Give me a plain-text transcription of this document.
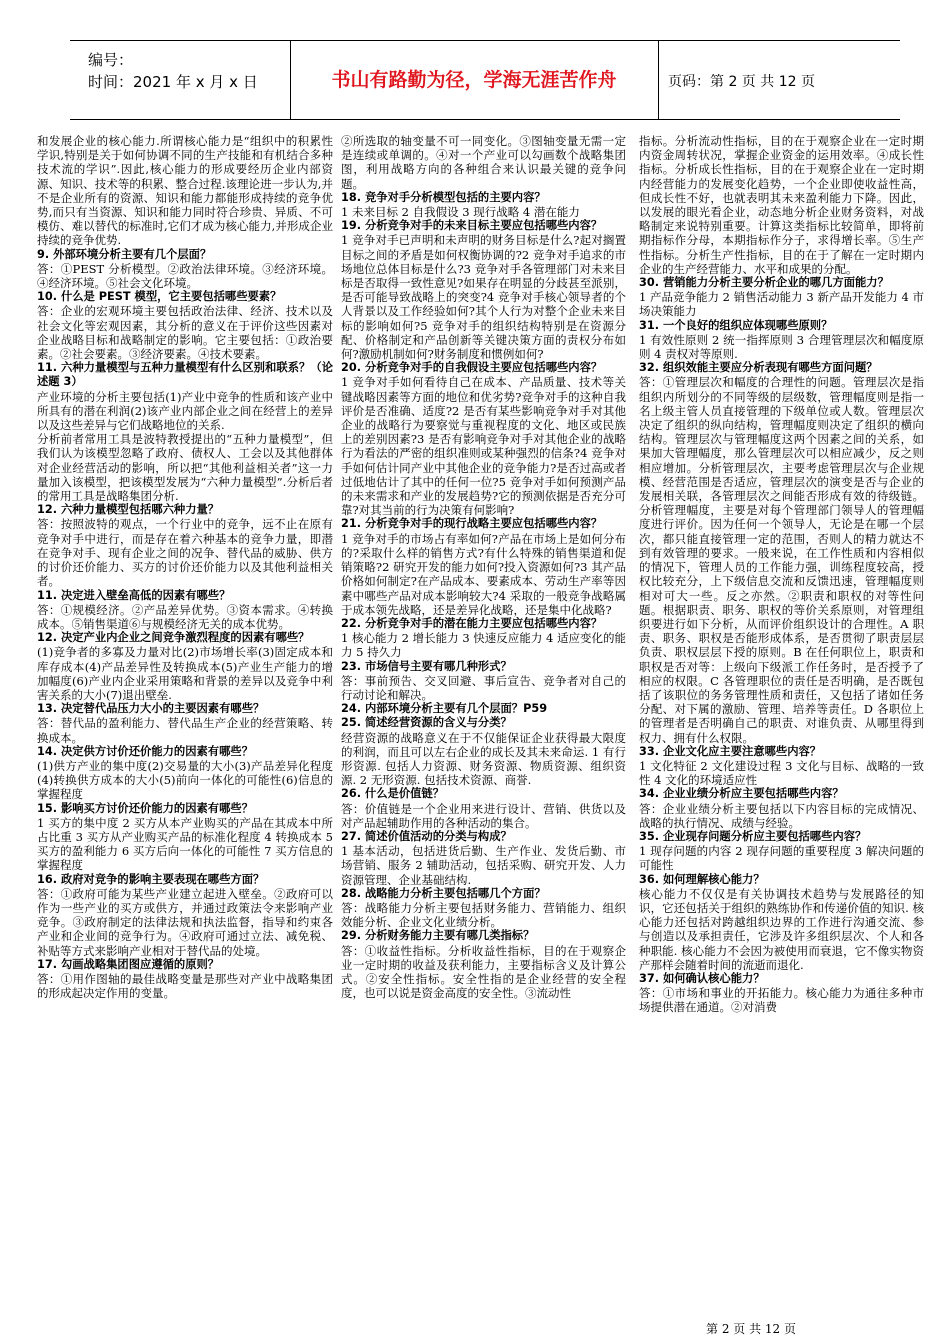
编号：
时间：2021 年 x 月 x 日	书山有路勤为径，学海无涯苦作舟	页码：第 2 页 共 12 页

和发展企业的核心能力.所谓核心能力是“组织中的积累性学识,特别是关于如何协调不同的生产技能和有机结合多种技术流的学识”.因此,核心能力的形成要经历企业内部资源、知识、技术等的积累、整合过程.该理论进一步认为,并不是企业所有的资源、知识和能力都能形成持续的竞争优势,而只有当资源、知识和能力同时符合珍贵、异质、不可模仿、难以替代的标准时,它们才成为核心能力,并形成企业持续的竞争优势.

9. 外部环境分析主要有几个层面？

答：①PEST 分析模型。②政治法律环境。③经济环境。④经济环境。⑤社会文化环境。

10. 什么是 PEST 模型，它主要包括哪些要素？

答：企业的宏观环境主要包括政治法律、经济、技术以及社会文化等宏观因素，其分析的意义在于评价这些因素对企业战略目标和战略制定的影响。它主要包括：①政治要素。②社会要素。③经济要素。④技术要素。

11. 六种力量模型与五种力量模型有什么区别和联系？（论述题 3）

产业环境的分析主要包括(1)产业中竞争的性质和该产业中所具有的潜在利润(2)该产业内部企业之间在经营上的差异以及这些差异与它们战略地位的关系.

分析前者常用工具是波特教授提出的“五种力量模型”，但我们认为该模型忽略了政府、债权人、工会以及其他群体对企业经营活动的影响，所以把“其他利益相关者”这一力量加入该模型，把该模型发展为“六种力量模型”.分析后者的常用工具是战略集团分析.

12. 六种力量模型包括哪六种力量？

答：按照波特的观点，一个行业中的竞争，远不止在原有竞争对手中进行，而是存在着六种基本的竞争力量，即潜在竞争对手、现有企业之间的况争、替代品的威胁、供方的讨价还价能力、买方的讨价还价能力以及其他利益相关者。

11. 决定进入壁垒高低的因素有哪些？

答：①规模经济。②产品差异优势。③资本需求。④转换成本。⑤销售渠道⑥与规模经济无关的成本优势。

12. 决定产业内企业之间竞争激烈程度的因素有哪些？

(1)竞争者的多寡及力量对比(2)市场增长率(3)固定成本和库存成本(4)产品差异性及转换成本(5)产业生产能力的增加幅度(6)产业内企业采用策略和背景的差异以及竞争中利害关系的大小(7)退出壁垒.

13. 决定替代品压力大小的主要因素有哪些？

答：替代品的盈利能力、替代品生产企业的经营策略、转换成本。

14. 决定供方讨价还价能力的因素有哪些？

(1)供方产业的集中度(2)交易量的大小(3)产品差异化程度(4)转换供方成本的大小(5)前向一体化的可能性(6)信息的掌握程度

15. 影响买方讨价还价能力的因素有哪些？

1 买方的集中度 2 买方从本产业购买的产品在其成本中所占比重 3 买方从产业购买产品的标准化程度 4 转换成本 5 买方的盈利能力 6 买方后向一体化的可能性 7 买方信息的掌握程度

16. 政府对竞争的影响主要表现在哪些方面？

答：①政府可能为某些产业建立起进入壁垒。②政府可以作为一些产业的买方或供方，并通过政策法令来影响产业竞争。③政府制定的法律法规和执法监督，指导和约束各产业和企业间的竞争行为。④政府可通过立法、减免税、补贴等方式来影响产业相对于替代品的处境。

17. 勾画战略集团图应遵循的原则？

答：①用作图轴的最佳战略变量是那些对产业中战略集团的形成起决定作用的变量。

②所选取的轴变量不可一同变化。③图轴变量无需一定是连续或单调的。④对一个产业可以勾画数个战略集团图，利用战略方向的各种组合来认识最关键的竞争问题。

18. 竞争对手分析模型包括的主要内容？

1 未来目标 2 自我假设 3 现行战略 4 潜在能力

19. 分析竞争对手的未来目标主要应包括哪些内容？

1 竞争对手已声明和未声明的财务目标是什么?起对搁置目标之间的矛盾是如何权衡协调的?2 竞争对手追求的市场地位总体目标是什么?3 竞争对手各管理部门对未来目标是否取得一致性意见?如果存在明显的分歧甚至派别，是否可能导致战略上的突变?4 竞争对手核心领导者的个人背景以及工作经验如何?其个人行为对整个企业未来目标的影响如何?5 竞争对手的组织结构特别是在资源分配、价格制定和产品创新等关键决策方面的责权分布如何?激励机制如何?财务制度和惯例如何?

20. 分析竞争对手的自我假设主要应包括哪些内容？

1 竞争对手如何看待自己在成本、产品质量、技术等关键战略因素等方面的地位和优劣势?竞争对手的这种自我评价是否准确、适度?2 是否有某些影响竞争对手对其他企业的战略行为要察觉与重视程度的文化、地区或民族上的差别因素?3 是否有影响竞争对手对其他企业的战略行为看法的严密的组织准则或某种强烈的信条?4 竞争对手如何估计同产业中其他企业的竞争能力?是否过高或者过低地估计了其中的任何一位?5 竞争对手如何预测产品的未来需求和产业的发展趋势?它的预测依据是否充分可靠?对其当前的行为决策有何影响?

21. 分析竞争对手的现行战略主要应包括哪些内容？

1 竞争对手的市场占有率如何?产品在市场上是如何分布的?采取什么样的销售方式?有什么特殊的销售渠道和促销策略?2 研究开发的能力如何?投入资源如何?3 其产品价格如何制定?在产品成本、要素成本、劳动生产率等因素中哪些产品对成本影响较大?4 采取的一般竞争战略属于成本领先战略，还是差异化战略，还是集中化战略?

22. 分析竞争对手的潜在能力主要应包括哪些内容？

1 核心能力 2 增长能力 3 快速反应能力 4 适应变化的能力 5 持久力

23. 市场信号主要有哪几种形式？

答：事前预告、交叉回避、事后宣告、竞争者对自己的行动讨论和解决。

24. 内部环境分析主要有几个层面？P59

25. 简述经营资源的含义与分类？

经营资源的战略意义在于不仅能保证企业获得最大限度的利润，而且可以左右企业的成长及其未来命运. 1 有行形资源. 包括人力资源、财务资源、物质资源、组织资源. 2 无形资源. 包括技术资源、商誉.

26. 什么是价值链？

答：价值链是一个企业用来进行设计、营销、供货以及对产品起辅助作用的各种活动的集合。

27. 简述价值活动的分类与构成？

1 基本活动，包括进货后勤、生产作业、发货后勤、市场营销、服务 2 辅助活动，包括采购、研究开发、人力资源管理、企业基础结构.

28. 战略能力分析主要包括哪几个方面？

答：战略能力分析主要包括财务能力、营销能力、组织效能分析、企业文化业绩分析。

29. 分析财务能力主要有哪几类指标？

答：①收益性指标。分析收益性指标，目的在于观察企业一定时期的收益及获利能力，主要指标含义及计算公式。②安全性指标。安全性指的是企业经营的安全程度，也可以说是资金高度的安全性。③流动性

指标。分析流动性指标，目的在于观察企业在一定时期内资金周转状况，掌握企业资金的运用效率。④成长性指标。分析成长性指标，目的在于观察企业在一定时期内经营能力的发展变化趋势，一个企业即使收益性高，但成长性不好，也就表明其未来盈利能力下降。因此，以发展的眼光看企业，动态地分析企业财务资料，对战略制定来说特别重要。计算这类指标比较简单，即将前期指标作分母，本期指标作分子，求得增长率。⑤生产性指标。分析生产性指标，目的在于了解在一定时期内企业的生产经营能力、水平和成果的分配。

30. 营销能力分析主要分析企业的哪几方面能力？

1 产品竞争能力 2 销售活动能力 3 新产品开发能力 4 市场决策能力

31. 一个良好的组织应体现哪些原则？

1 有效性原则 2 统一指挥原则 3 合理管理层次和幅度原则 4 责权对等原则.

32. 组织效能主要应分析表现有哪些方面问题？

答：①管理层次和幅度的合理性的问题。管理层次是指组织内所划分的不同等级的层级数，管理幅度则是指一名上级主管人员直接管理的下级单位或人数。管理层次决定了组织的纵向结构，管理幅度则决定了组织的横向结构。管理层次与管理幅度这两个因素之间的关系，如果加大管理幅度，那么管理层次可以相应减少，反之则相应增加。分析管理层次，主要考虑管理层次与企业规模、经营范围是否适应，管理层次的演变是否与企业的发展相关联，各管理层次之间能否形成有效的待级链。分析管理幅度，主要是对每个管理部门领导人的管理幅度进行评价。因为任何一个领导人，无论是在哪一个层次，都只能直接管理一定的范围，否则人的精力就达不到有效管理的要求。一般来说，在工作性质和内容相似的情况下，管理人员的工作能力强，训练程度较高，授权比较充分，上下级信息交流和反馈迅速，管理幅度则相对可大一些。反之亦然。②职责和职权的对等性问题。根据职责、职务、职权的等价关系原则，对管理组织要进行如下分析，从而评价组织设计的合理性。A 职责、职务、职权是否能形成体系，是否贯彻了职责层层负责、职权层层下授的原则。B 在任何职位上，职责和职权是否对等：上级向下级派工作任务时，是否授予了相应的权限。C 各管理职位的责任是否明确，是否既包括了该职位的务务管理性质和责任，又包括了诸如任务分配、对下属的激励、管理、培养等责任。D 各职位上的管理者是否明确自己的职责、对谁负责、从哪里得到权力、拥有什么权限。

33. 企业文化应主要注意哪些内容？

1 文化特征 2 文化建设过程 3 文化与目标、战略的一致性 4 文化的环境适应性

34. 企业业绩分析应主要包括哪些内容？

答：企业业绩分析主要包括以下内容目标的完成情况、战略的执行情况、成绩与经验。

35. 企业现存问题分析应主要包括哪些内容？

1 现存问题的内容 2 现存问题的重要程度 3 解决问题的可能性

36. 如何理解核心能力？

核心能力不仅仅是有关协调技术趋势与发展路径的知识，它还包括关于组织的熟练协作和传递价值的知识. 核心能力还包括对跨越组织边界的工作进行沟通交流、参与创造以及承担责任，它涉及许多组织层次、个人和各种职能. 核心能力不会因为被使用而衰退，它不像实物资产那样会随着时间的流逝而退化.

37. 如何确认核心能力？

答：①市场和事业的开拓能力。核心能力为通往多种市场提供潜在通道。②对消费

第 2 页 共 12 页
